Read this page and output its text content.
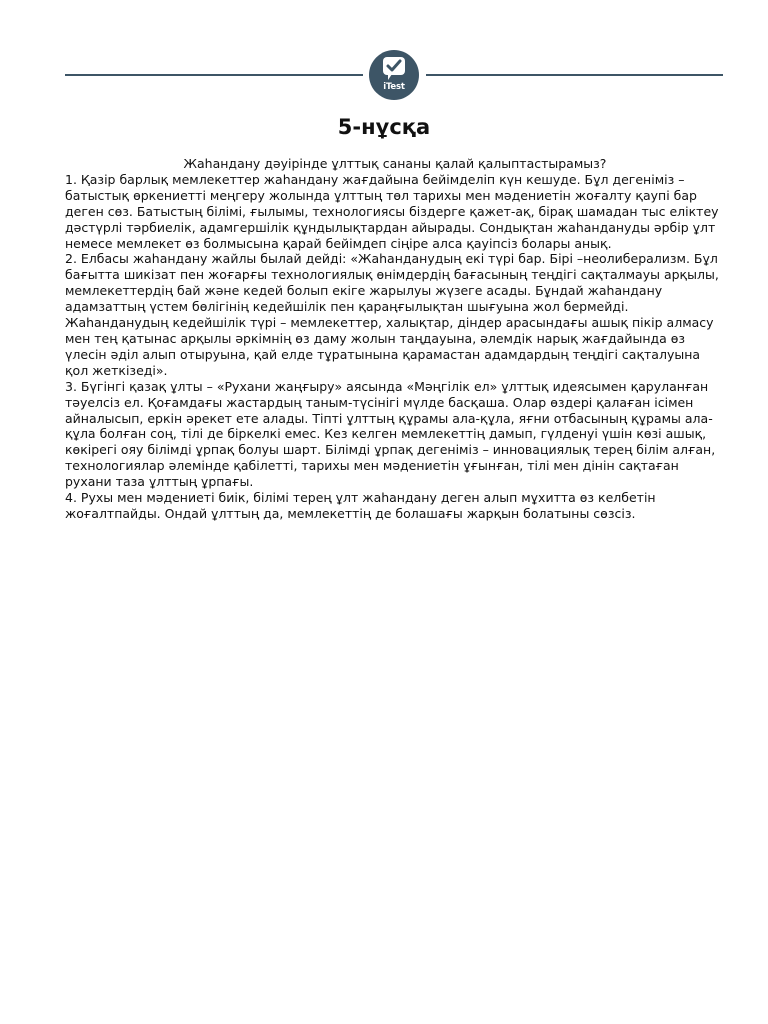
iTest
5-нұсқа

Жаһандану дәуірінде ұлттық сананы қалай қалыптастырамыз?

1. Қазір барлық мемлекеттер жаһандану жағдайына бейімделіп күн кешуде. Бұл дегеніміз – батыстық өркениетті меңгеру жолында ұлттың төл тарихы мен мәдениетін жоғалту қаупі бар деген сөз. Батыстың білімі, ғылымы, технологиясы біздерге қажет-ақ, бірақ шамадан тыс еліктеу дәстүрлі тәрбиелік, адамгершілік құндылықтардан айырады. Сондықтан жаһандануды әрбір ұлт немесе мемлекет өз болмысына қарай бейімдеп сіңіре алса қауіпсіз болары анық.

2. Елбасы жаһандану жайлы былай дейді: «Жаһанданудың екі түрі бар. Бірі –неолиберализм. Бұл бағытта шикізат пен жоғарғы технологиялық өнімдердің бағасының теңдігі сақталмауы арқылы, мемлекеттердің бай және кедей болып екіге жарылуы жүзеге асады. Бұндай жаһандану адамзаттың үстем бөлігінің кедейшілік пен қараңғылықтан шығуына жол бермейді. Жаһанданудың кедейшілік түрі – мемлекеттер, халықтар, діндер арасындағы ашық пікір алмасу мен тең қатынас арқылы әркімнің өз даму жолын таңдауына, әлемдік нарық жағдайында өз үлесін әділ алып отыруына, қай елде тұратынына қарамастан адамдардың теңдігі сақталуына қол жеткізеді».

3. Бүгінгі қазақ ұлты – «Рухани жаңғыру» аясында «Мәңгілік ел» ұлттық идеясымен қаруланған тәуелсіз ел. Қоғамдағы жастардың таным-түсінігі мүлде басқаша. Олар өздері қалаған ісімен айналысып, еркін әрекет ете алады. Тіпті ұлттың құрамы ала-құла, яғни отбасының құрамы ала-құла болған соң, тілі де біркелкі емес. Кез келген мемлекеттің дамып, гүлденуі үшін көзі ашық, көкірегі ояу білімді ұрпақ болуы шарт. Білімді ұрпақ дегеніміз – инновациялық терең білім алған, технологиялар әлемінде қабілетті, тарихы мен мәдениетін ұғынған, тілі мен дінін сақтаған рухани таза ұлттың ұрпағы.

4. Рухы мен мәдениеті биік, білімі терең ұлт жаһандану деген алып мұхитта өз келбетін жоғалтпайды. Ондай ұлттың да, мемлекеттің де болашағы жарқын болатыны сөзсіз.
